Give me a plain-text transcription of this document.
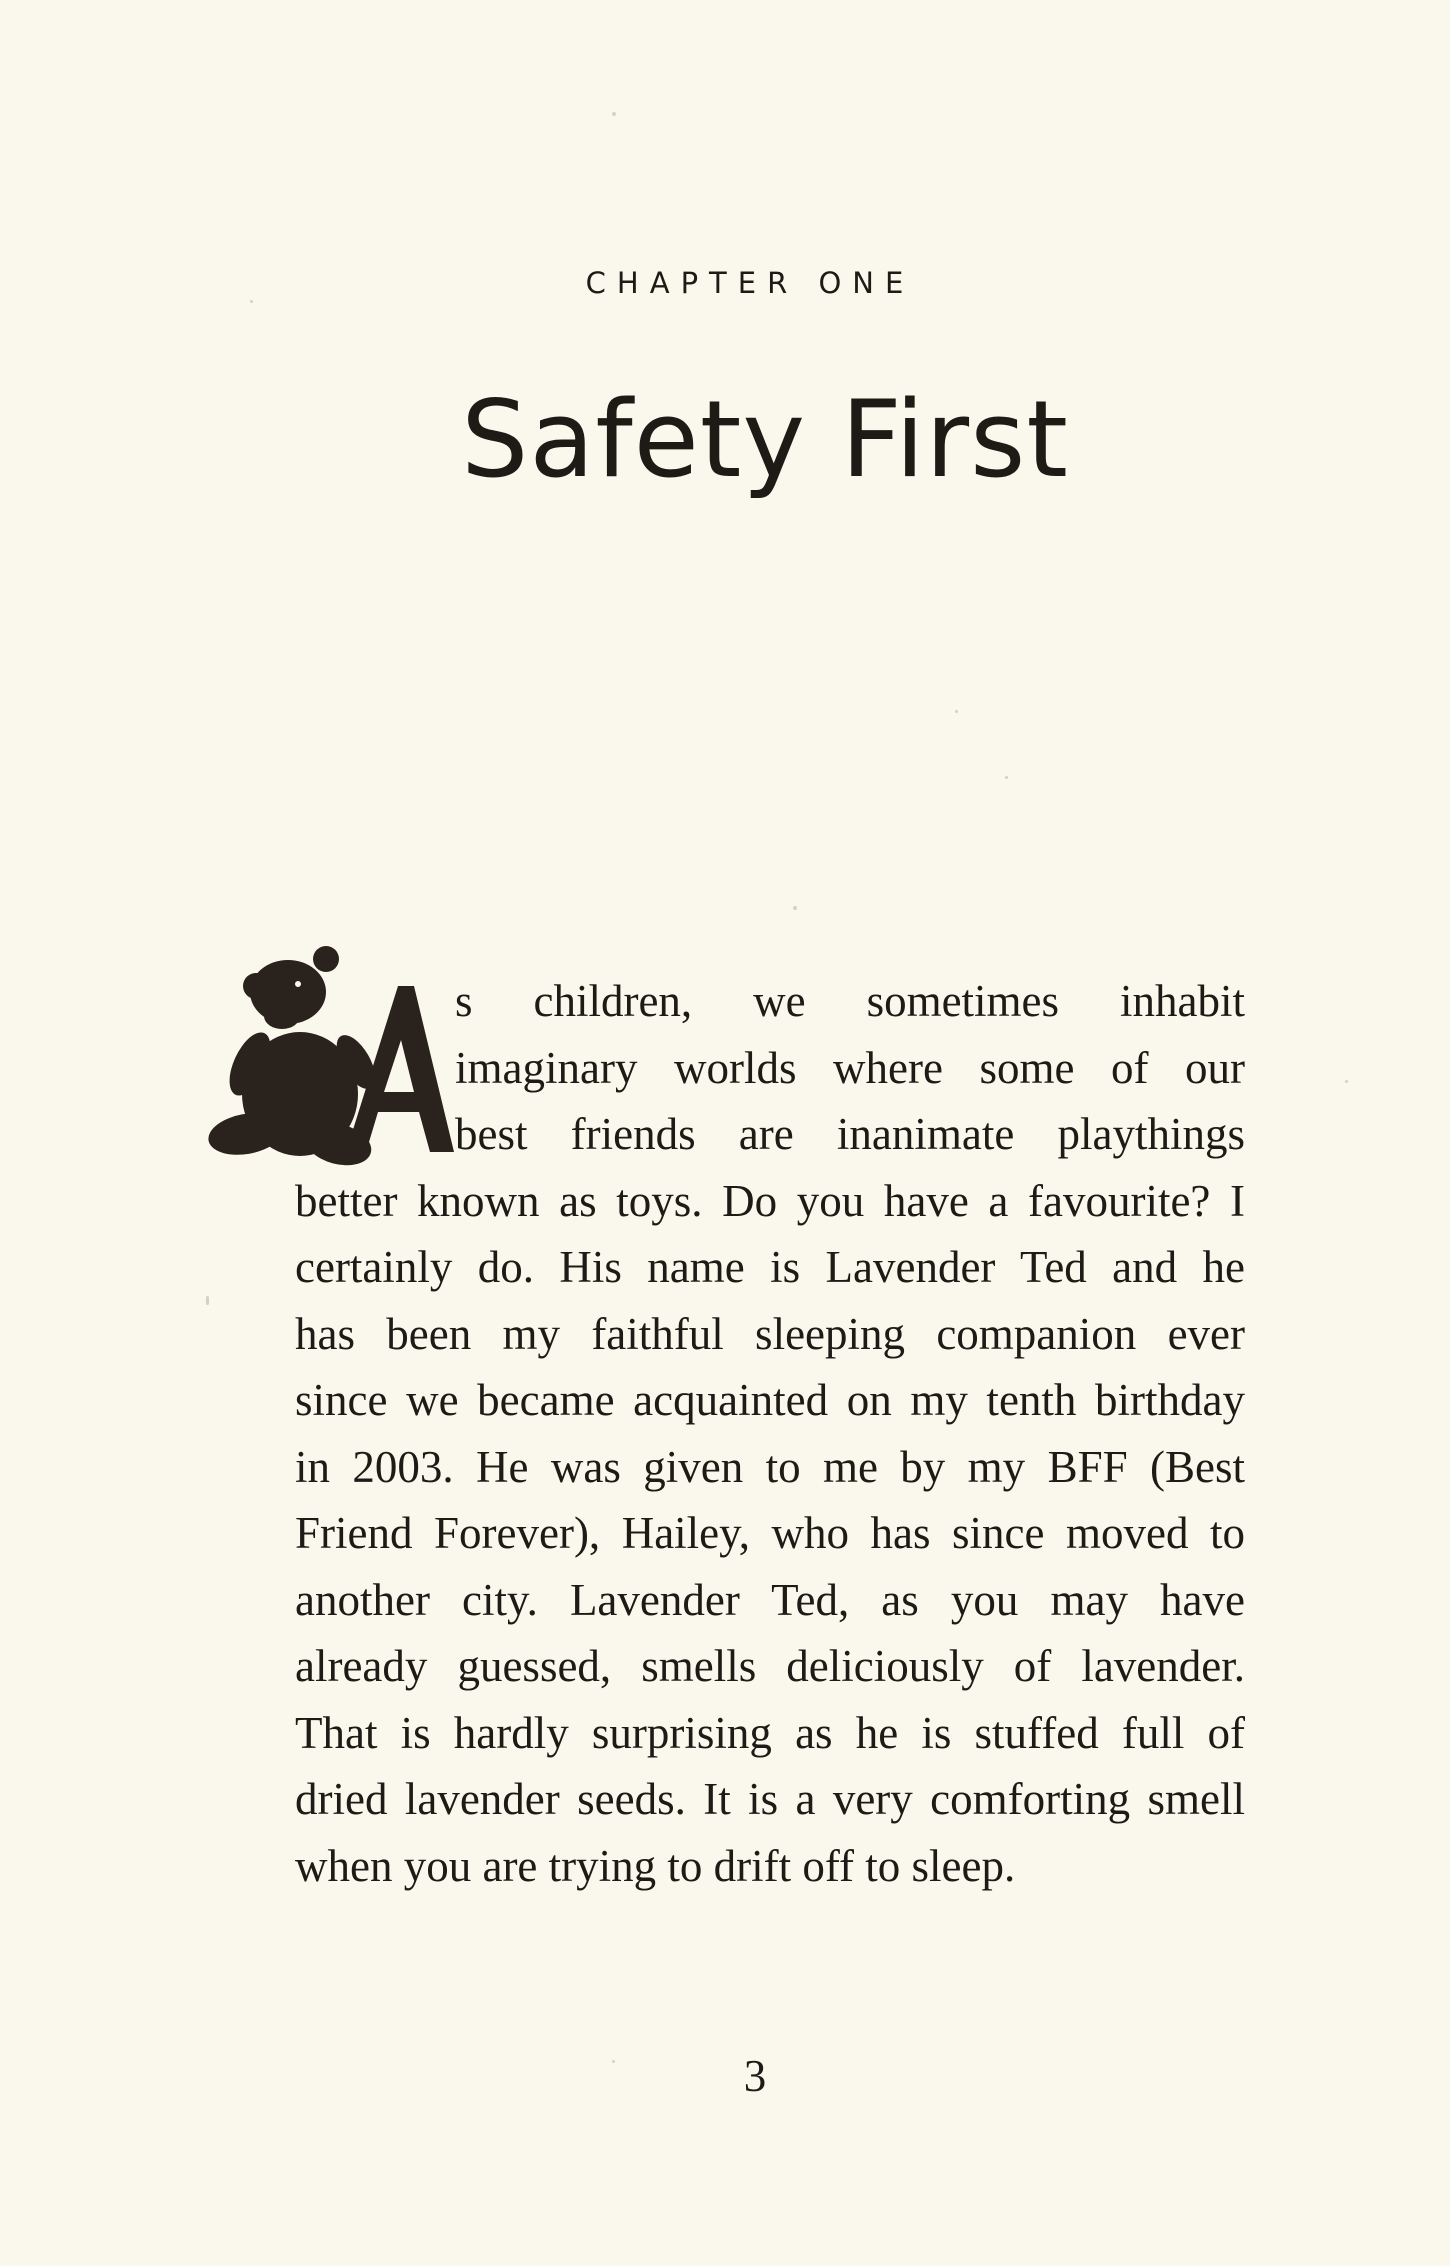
CHAPTER ONE
Safety First
s children, we sometimes inhabit
imaginary worlds where some of our
best friends are inanimate playthings
better known as toys. Do you have a favourite? I
certainly do. His name is Lavender Ted and he
has been my faithful sleeping companion ever
since we became acquainted on my tenth birthday
in 2003. He was given to me by my BFF (Best
Friend Forever), Hailey, who has since moved to
another city. Lavender Ted, as you may have
already guessed, smells deliciously of lavender.
That is hardly surprising as he is stuffed full of
dried lavender seeds. It is a very comforting smell
when you are trying to drift off to sleep.
3
